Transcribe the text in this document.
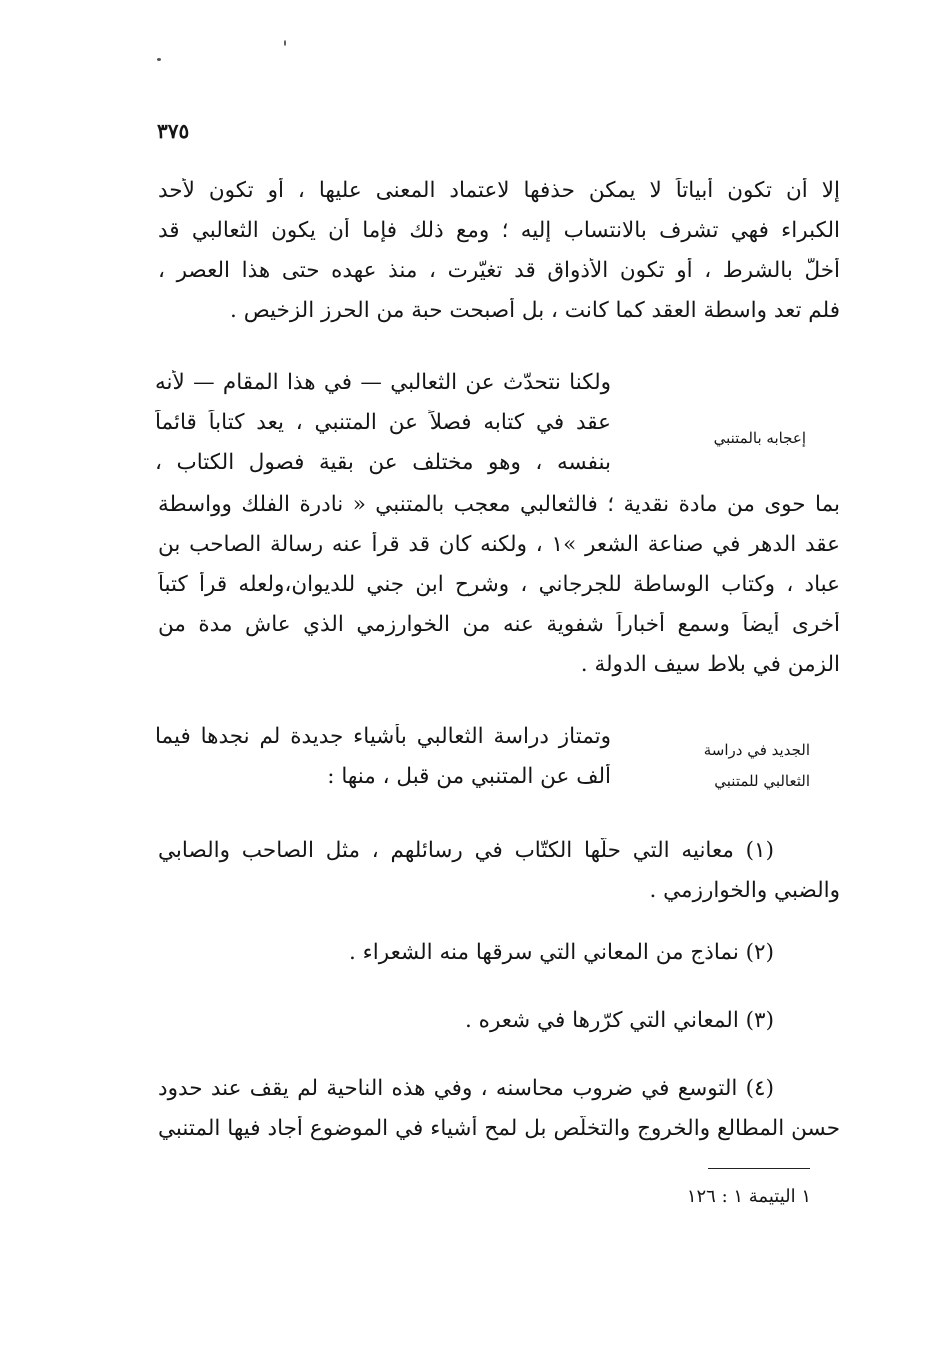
٣٧٥
إلا أن تكون أبياتاً لا يمكن حذفها لاعتماد المعنى عليها ، أو تكون لأحد
الكبراء فهي تشرف بالانتساب إليه ؛ ومع ذلك فإما أن يكون الثعالبي قد
أخلّ بالشرط ، أو تكون الأذواق قد تغيّرت ، منذ عهده حتى هذا العصر ،
فلم تعد واسطة العقد كما كانت ، بل أصبحت حبة من الحرز الزخيص .
ولكنا نتحدّث عن الثعالبي — في هذا المقام — لأنه
عقد في كتابه فصلاً عن المتنبي ، يعد كتاباً قائماً
بنفسه ، وهو مختلف عن بقية فصول الكتاب ،
إعجابه بالمتنبي
بما حوى من مادة نقدية ؛ فالثعالبي معجب بالمتنبي « نادرة الفلك وواسطة
عقد الدهر في صناعة الشعر »١ ، ولكنه كان قد قرأ عنه رسالة الصاحب بن
عباد ، وكتاب الوساطة للجرجاني ، وشرح ابن جني للديوان،ولعله قرأ كتباً
أخرى أيضاً وسمع أخباراً شفوية عنه من الخوارزمي الذي عاش مدة من
الزمن في بلاط سيف الدولة .
وتمتاز دراسة الثعالبي بأشياء جديدة لم نجدها فيما
ألف عن المتنبي من قبل ، منها :
الجديد في دراسة
الثعالبي للمتنبي
(١) معانيه التي حلّها الكتّاب في رسائلهم ، مثل الصاحب والصابي
والضبي والخوارزمي .
(٢) نماذج من المعاني التي سرقها منه الشعراء .
(٣) المعاني التي كرّرها في شعره .
(٤) التوسع في ضروب محاسنه ، وفي هذه الناحية لم يقف عند حدود
حسن المطالع والخروج والتخلّص بل لمح أشياء في الموضوع أجاد فيها المتنبي
١ اليتيمة ١ : ١٢٦
